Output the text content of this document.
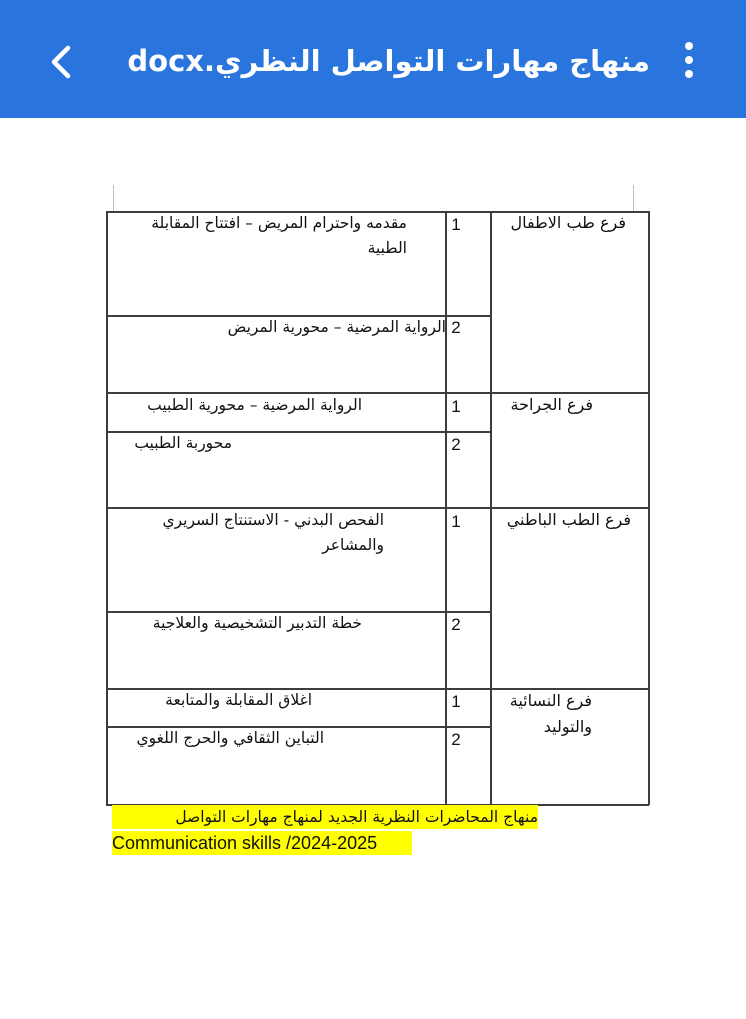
منهاج مهارات التواصل النظري.docx
فرع طب الاطفال
1
مقدمه واحترام المريض – افتتاح المقابلة الطبية
2
الرواية المرضية – محورية المريض
فرع الجراحة
1
الرواية المرضية – محورية الطبيب
2
محوربة الطبيب
فرع الطب الباطني
1
الفحص البدني - الاستنتاج السريري والمشاعر
2
خطة التدبير التشخيصية والعلاجية
فرع النسائية والتوليد
1
اغلاق المقابلة والمتابعة
2
التباين الثقافي والحرج اللغوي
منهاج المحاضرات النظرية الجديد لمنهاج مهارات التواصل
Communication skills /2024-2025
